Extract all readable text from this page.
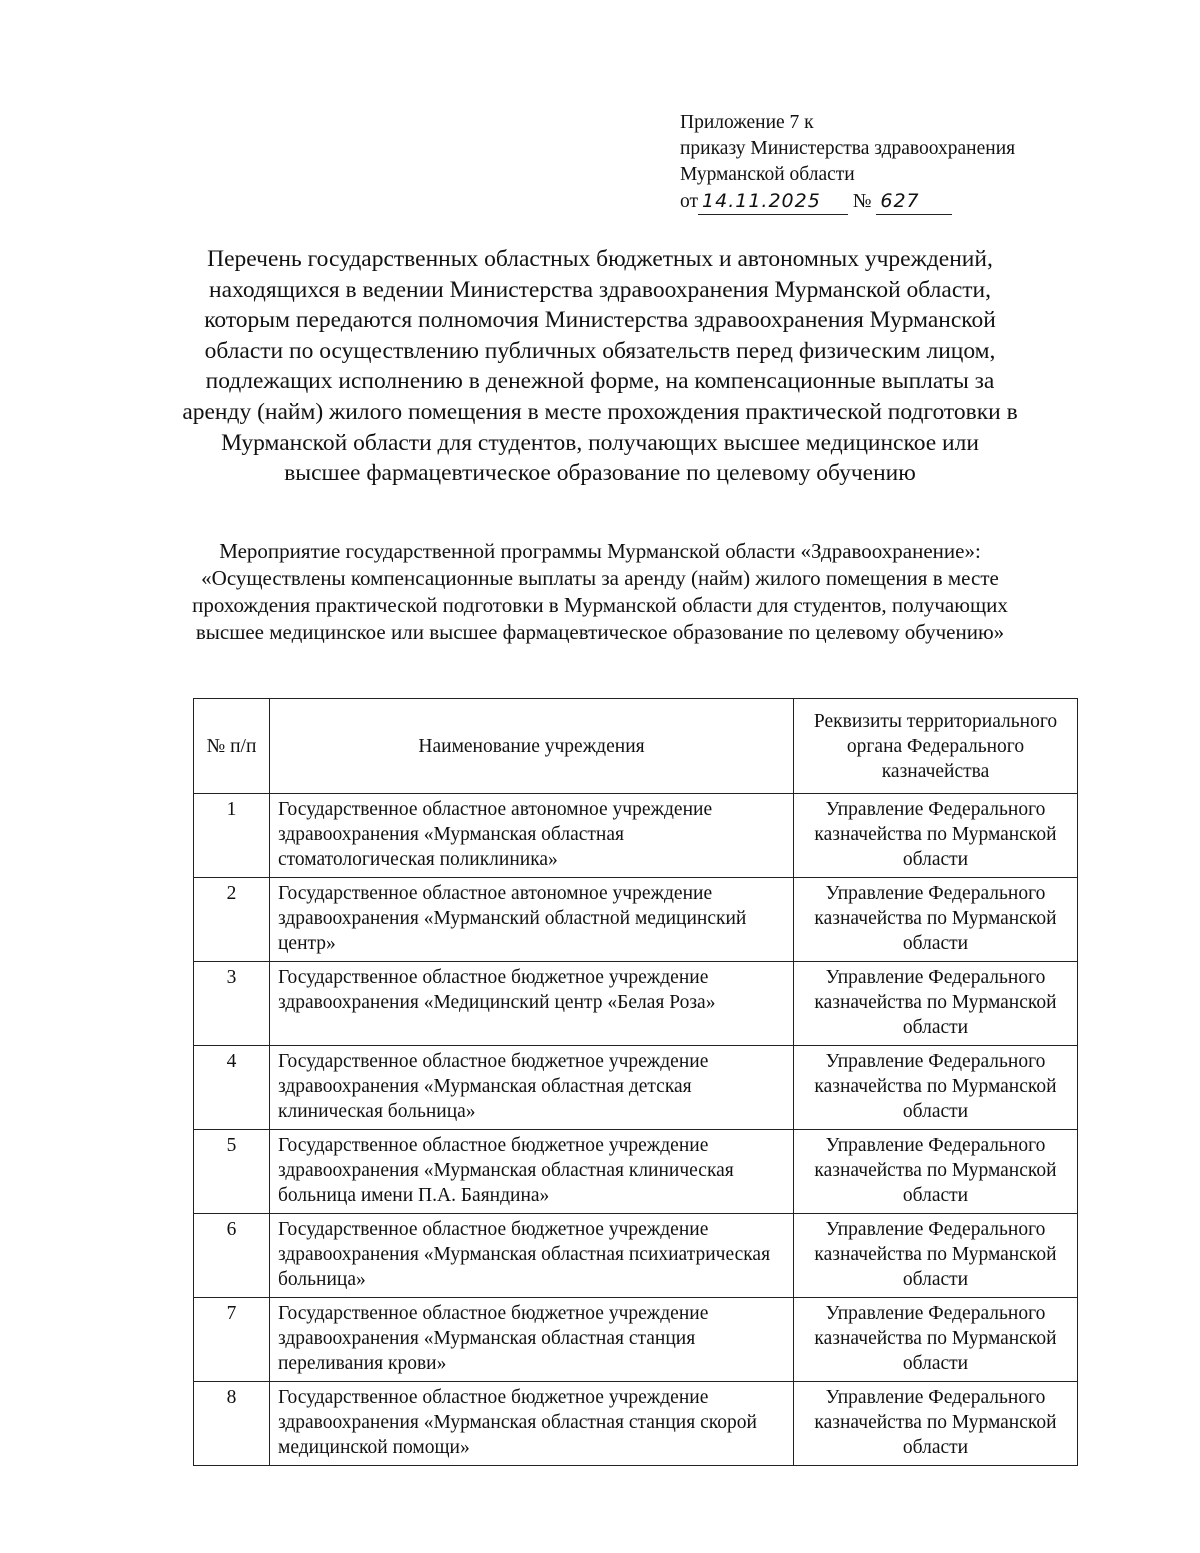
Приложение 7 к
приказу Министерства здравоохранения
Мурманской области
от 14.11.2025 № 627
Перечень государственных областных бюджетных и автономных учреждений, находящихся в ведении Министерства здравоохранения Мурманской области, которым передаются полномочия Министерства здравоохранения Мурманской области по осуществлению публичных обязательств перед физическим лицом, подлежащих исполнению в денежной форме, на компенсационные выплаты за аренду (найм) жилого помещения в месте прохождения практической подготовки в Мурманской области для студентов, получающих высшее медицинское или высшее фармацевтическое образование по целевому обучению
Мероприятие государственной программы Мурманской области «Здравоохранение»: «Осуществлены компенсационные выплаты за аренду (найм) жилого помещения в месте прохождения практической подготовки в Мурманской области для студентов, получающих высшее медицинское или высшее фармацевтическое образование по целевому обучению»
№ п/п	Наименование учреждения	Реквизиты территориального органа Федерального казначейства
1	Государственное областное автономное учреждение здравоохранения «Мурманская областная стоматологическая поликлиника»	Управление Федерального казначейства по Мурманской области
2	Государственное областное автономное учреждение здравоохранения «Мурманский областной медицинский центр»	Управление Федерального казначейства по Мурманской области
3	Государственное областное бюджетное учреждение здравоохранения «Медицинский центр «Белая Роза»	Управление Федерального казначейства по Мурманской области
4	Государственное областное бюджетное учреждение здравоохранения «Мурманская областная детская клиническая больница»	Управление Федерального казначейства по Мурманской области
5	Государственное областное бюджетное учреждение здравоохранения «Мурманская областная клиническая больница имени П.А. Баяндина»	Управление Федерального казначейства по Мурманской области
6	Государственное областное бюджетное учреждение здравоохранения «Мурманская областная психиатрическая больница»	Управление Федерального казначейства по Мурманской области
7	Государственное областное бюджетное учреждение здравоохранения «Мурманская областная станция переливания крови»	Управление Федерального казначейства по Мурманской области
8	Государственное областное бюджетное учреждение здравоохранения «Мурманская областная станция скорой медицинской помощи»	Управление Федерального казначейства по Мурманской области
